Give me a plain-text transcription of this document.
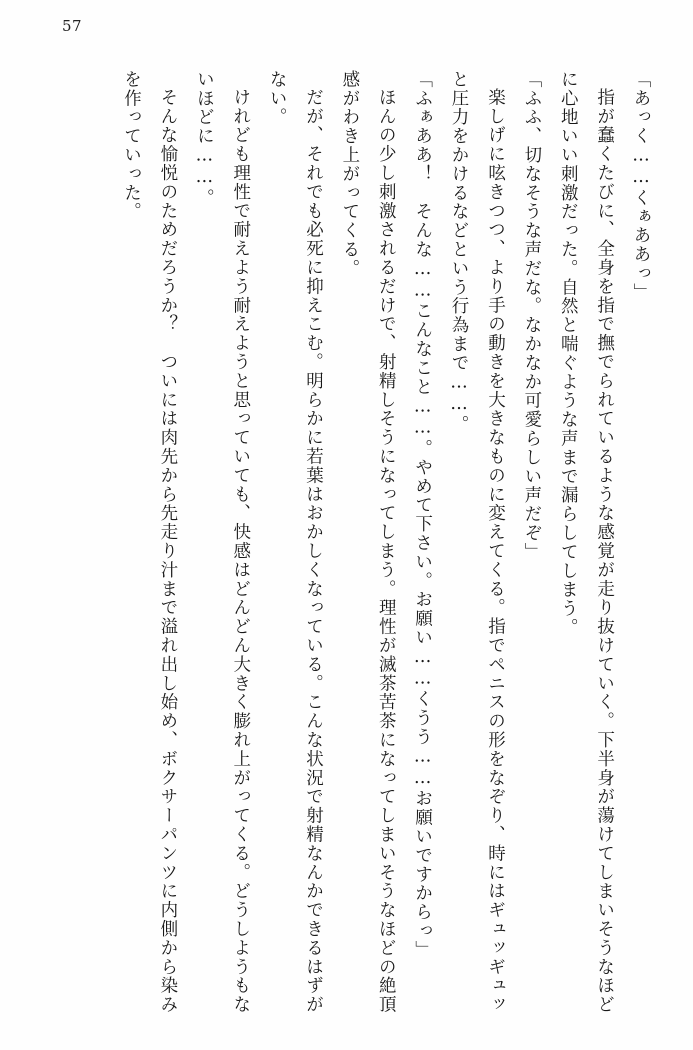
57

「あっく……くぁああっ」

指が蠢くたびに、全身を指で撫でられているような感覚が走り抜けていく。下半身が蕩けてしまいそうなほどに心地いい刺激だった。自然と喘ぐような声まで漏らしてしまう。

「ふふ、切なそうな声だな。なかなか可愛らしい声だぞ」

楽しげに呟きつつ、より手の動きを大きなものに変えてくる。指でペニスの形をなぞり、時にはギュッギュッと圧力をかけるなどという行為まで……。

「ふぁああ！　そんな……こんなこと……。やめて下さい。お願い……くうう……お願いですからっ」

ほんの少し刺激されるだけで、射精しそうになってしまう。理性が滅茶苦茶になってしまいそうなほどの絶頂感がわき上がってくる。

だが、それでも必死に抑えこむ。明らかに若葉はおかしくなっている。こんな状況で射精なんかできるはずがない。

けれども理性で耐えよう耐えようと思っていても、快感はどんどん大きく膨れ上がってくる。どうしようもないほどに……。

そんな愉悦のためだろうか？　ついには肉先から先走り汁まで溢れ出し始め、ボクサーパンツに内側から染みを作っていった。
